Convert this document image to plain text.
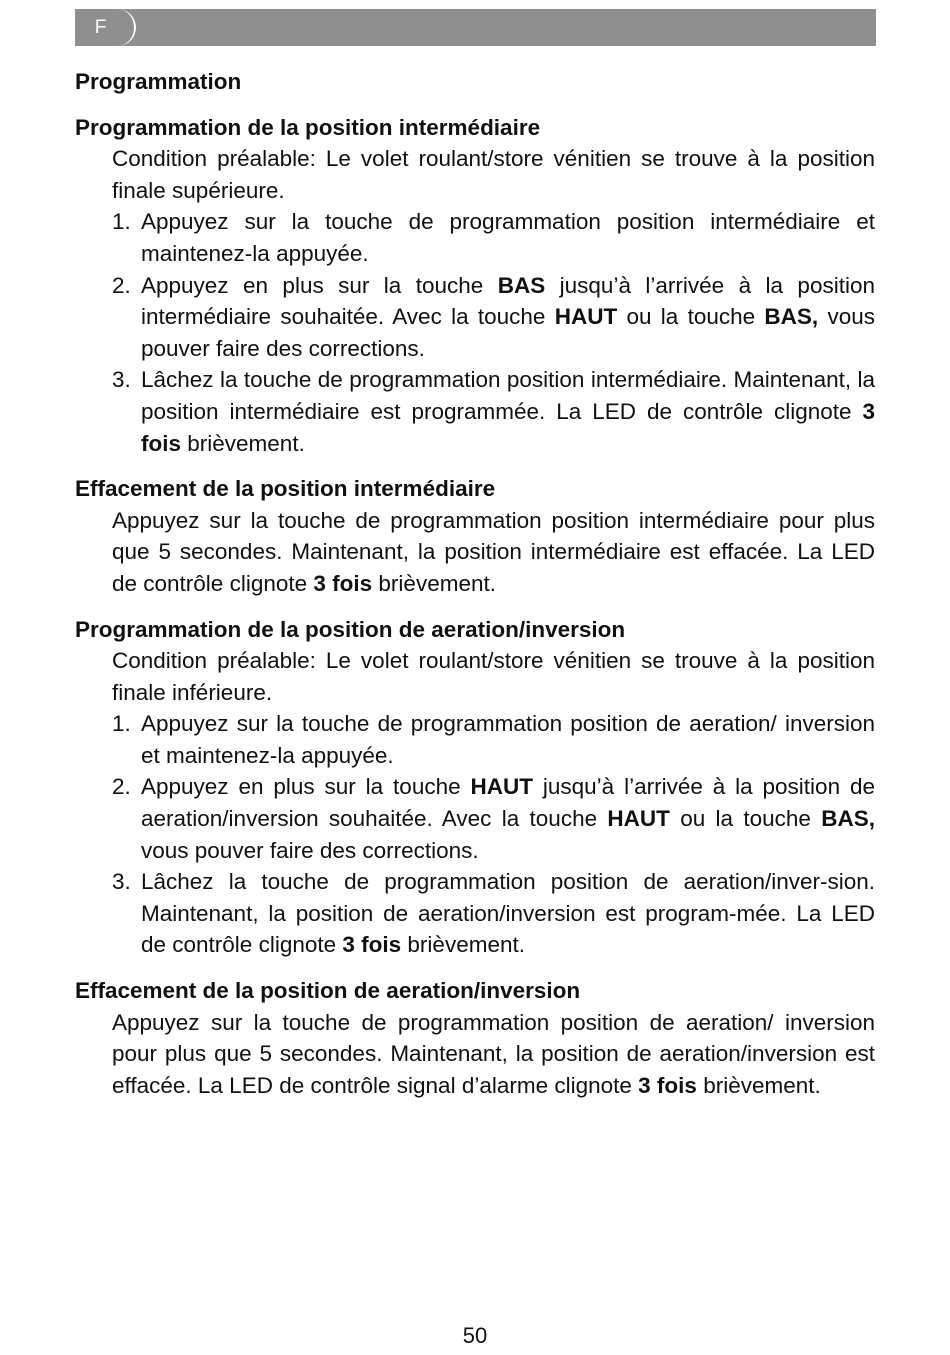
F
Programmation
Programmation de la position intermédiaire

Condition préalable: Le volet roulant/store vénitien se trouve à la position finale supérieure.

1. Appuyez sur la touche de programmation position intermédiaire et maintenez-la appuyée.
2. Appuyez en plus sur la touche BAS jusqu’à l’arrivée à la position intermédiaire souhaitée. Avec la touche HAUT ou la touche BAS, vous pouver faire des corrections.
3. Lâchez la touche de programmation position intermédiaire. Maintenant, la position intermédiaire est programmée. La LED de contrôle clignote 3 fois brièvement.
Effacement de la position intermédiaire

Appuyez sur la touche de programmation position intermédiaire pour plus que 5 secondes. Maintenant, la position intermédiaire est effacée. La LED de contrôle clignote 3 fois brièvement.

Programmation de la position de aeration/inversion

Condition préalable: Le volet roulant/store vénitien se trouve à la position finale inférieure.

1. Appuyez sur la touche de programmation position de aeration/ inversion et maintenez-la appuyée.
2. Appuyez en plus sur la touche HAUT jusqu’à l’arrivée à la position de aeration/inversion souhaitée. Avec la touche HAUT ou la touche BAS, vous pouver faire des corrections.
3. Lâchez la touche de programmation position de aeration/inver-sion. Maintenant, la position de aeration/inversion est program-mée. La LED de contrôle clignote 3 fois brièvement.
Effacement de la position de aeration/inversion

Appuyez sur la touche de programmation position de aeration/ inversion pour plus que 5 secondes. Maintenant, la position de aeration/inversion est effacée. La LED de contrôle signal d’alarme clignote 3 fois brièvement.

50
